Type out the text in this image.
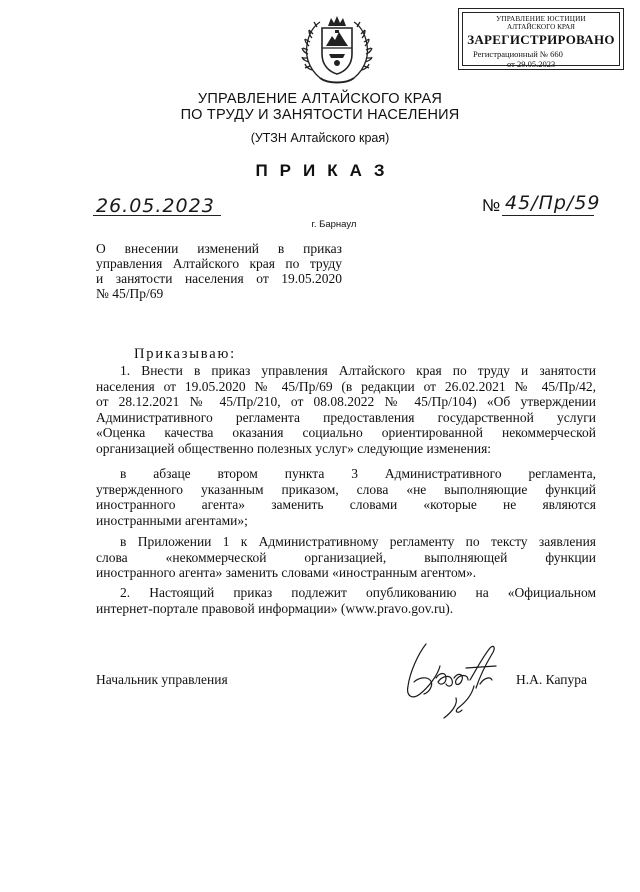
УПРАВЛЕНИЕ ЮСТИЦИИ
АЛТАЙСКОГО КРАЯ
ЗАРЕГИСТРИРОВАНО
Регистрационный № 660
от 29.05.2023
УПРАВЛЕНИЕ АЛТАЙСКОГО КРАЯ
ПО ТРУДУ И ЗАНЯТОСТИ НАСЕЛЕНИЯ
(УТЗН Алтайского края)
ПРИКАЗ
26.05.2023	№ 45/Пр/59
г. Барнаул
О внесении изменений в приказ
управления Алтайского края по труду
и занятости населения от 19.05.2020
№ 45/Пр/69
Приказываю:
1. Внести в приказ управления Алтайского края по труду и занятости
населения от 19.05.2020 № 45/Пр/69 (в редакции от 26.02.2021 № 45/Пр/42,
от 28.12.2021 № 45/Пр/210, от 08.08.2022 № 45/Пр/104) «Об утверждении
Административного регламента предоставления государственной услуги
«Оценка качества оказания социально ориентированной некоммерческой
организацией общественно полезных услуг» следующие изменения:
в абзаце втором пункта 3 Административного регламента,
утвержденного указанным приказом, слова «не выполняющие функций
иностранного агента» заменить словами «которые не являются
иностранными агентами»;
в Приложении 1 к Административному регламенту по тексту заявления
слова «некоммерческой организацией, выполняющей функции
иностранного агента» заменить словами «иностранным агентом».
2. Настоящий приказ подлежит опубликованию на «Официальном
интернет-портале правовой информации» (www.pravo.gov.ru).
Начальник управления	Н.А. Капура
